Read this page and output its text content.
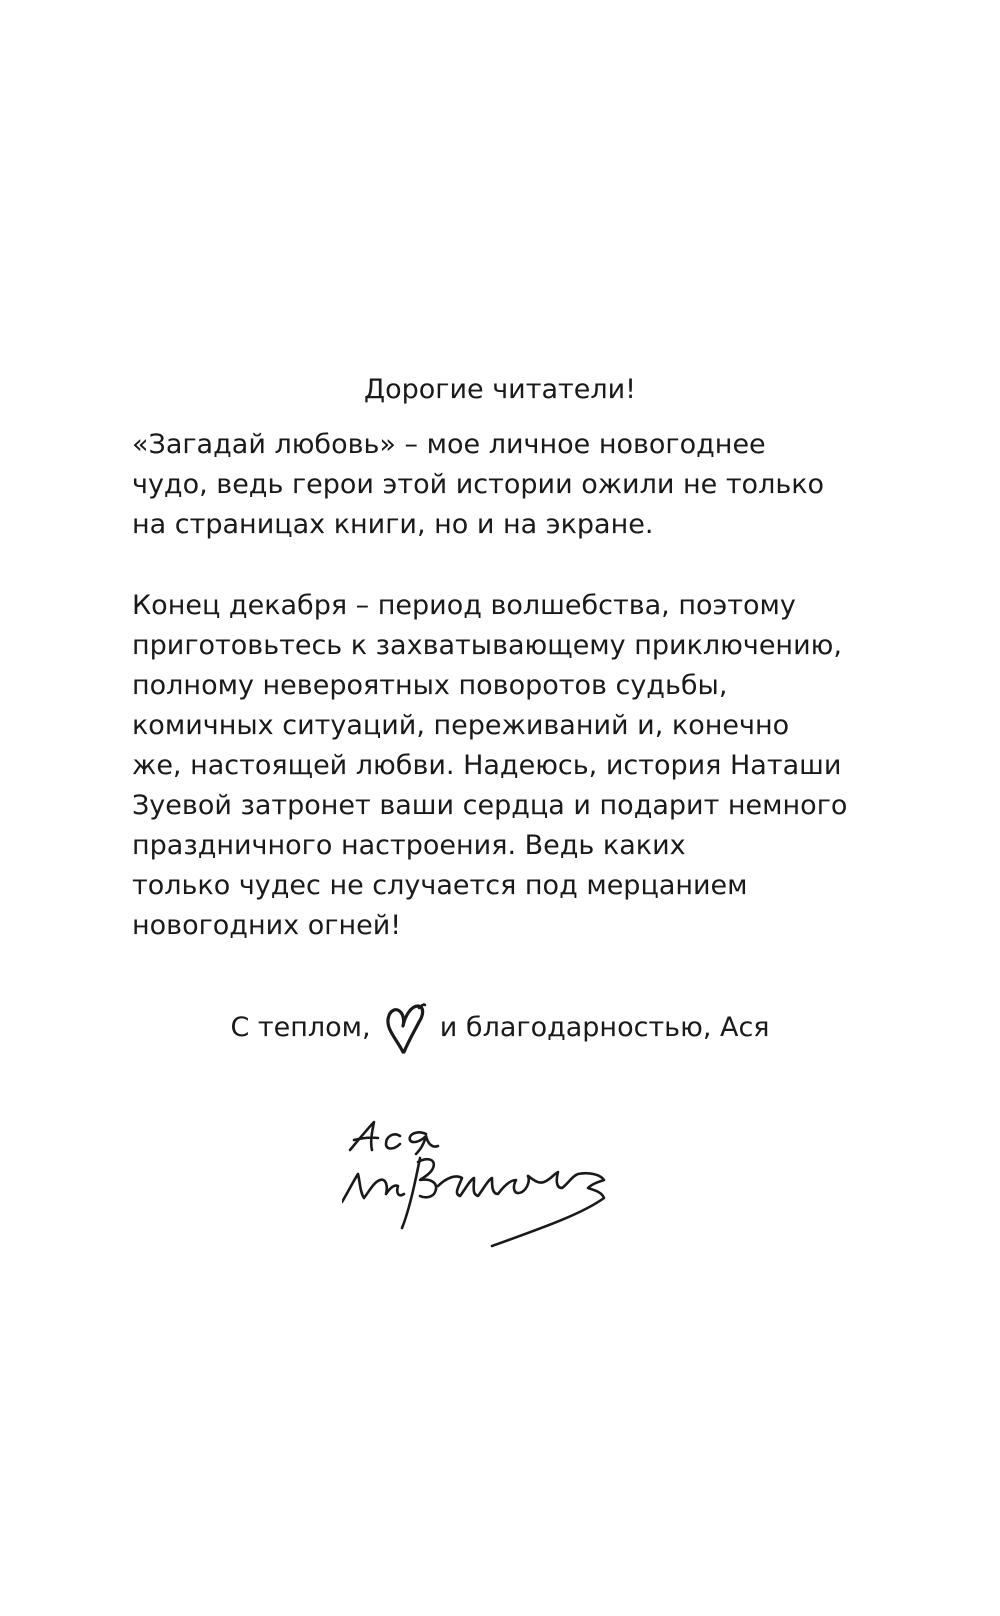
Дорогие читатели!
«Загадай любовь» – мое личное новогоднее
чудо, ведь герои этой истории ожили не только
на страницах книги, но и на экране.
Конец декабря – период волшебства, поэтому
приготовьтесь к захватывающему приключению,
полному невероятных поворотов судьбы,
комичных ситуаций, переживаний и, конечно
же, настоящей любви. Надеюсь, история Наташи
Зуевой затронет ваши сердца и подарит немного
праздничного настроения. Ведь каких
только чудес не случается под мерцанием
новогодних огней!
С теплом,	и благодарностью, Ася
